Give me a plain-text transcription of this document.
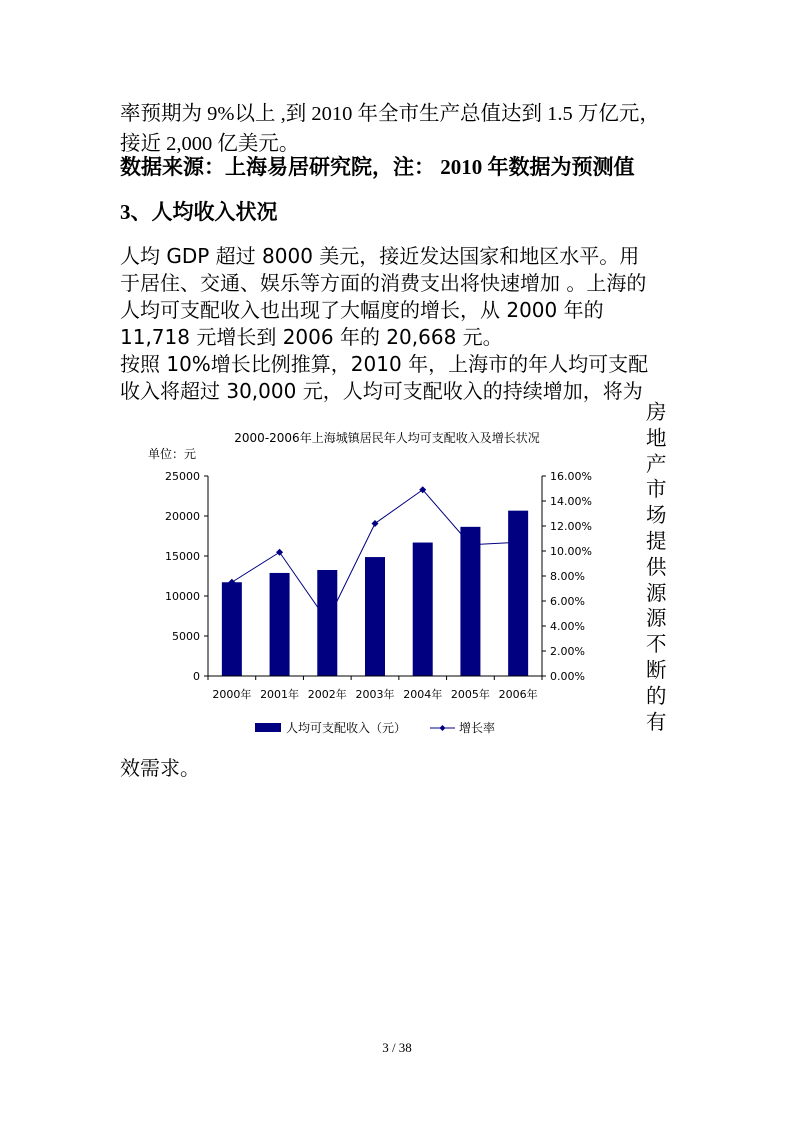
率预期为 9%以上 ,到 2010 年全市生产总值达到 1.5 万亿元，

接近 2,000 亿美元。

数据来源：上海易居研究院，注： 2010 年数据为预测值

3、人均收入状况

人均 GDP 超过 8000 美元，接近发达国家和地区水平。用

于居住、交通、娱乐等方面的消费支出将快速增加 。上海的

人均可支配收入也出现了大幅度的增长，从 2000 年的

11,718 元增长到 2006 年的 20,668 元。

按照 10%增长比例推算，2010 年，上海市的年人均可支配

收入将超过 30,000 元，人均可支配收入的持续增加，将为

房地产市场提供源源不断的有
2000-2006年上海城镇居民年人均可支配收入及增长状况
单位：元
0
5000
10000
15000
20000
25000
0.00%
2.00%
4.00%
6.00%
8.00%
10.00%
12.00%
14.00%
16.00%
2000年 2001年 2002年 2003年 2004年 2005年 2006年
人均可支配收入（元）	增长率

效需求。

3 / 38
